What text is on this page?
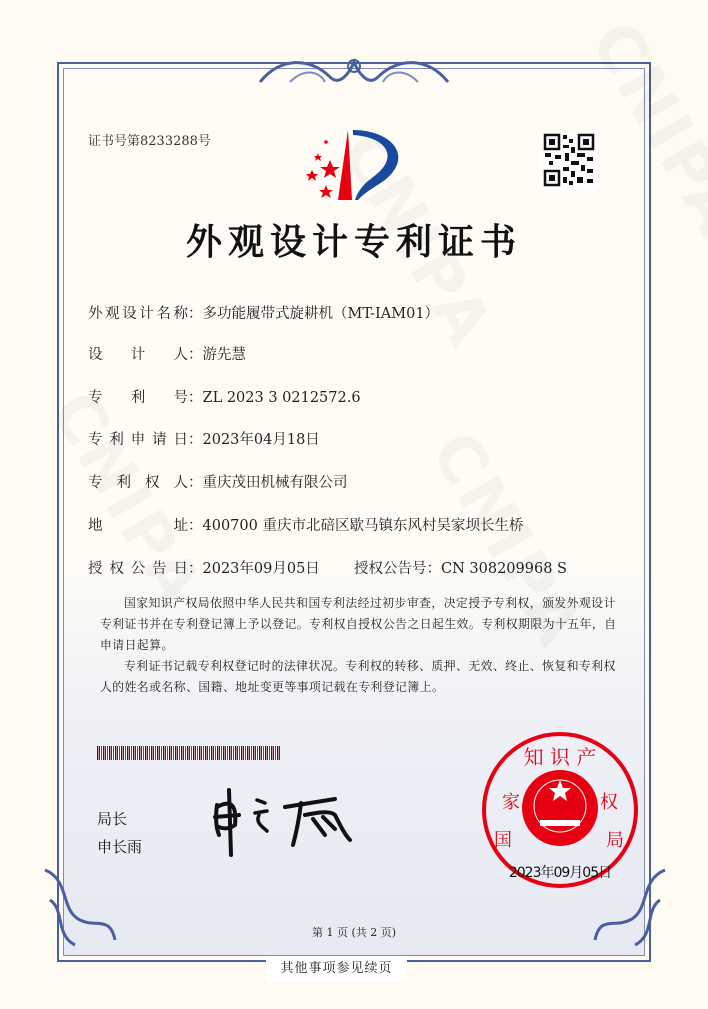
证书号第8233288号
外观设计专利证书
外观设计名称：多功能履带式旋耕机（MT-IAM01）
设计人：游先慧
专利号：ZL 2023 3 0212572.6
专利申请日：2023年04月18日
专利权人：重庆茂田机械有限公司
地址：400700 重庆市北碚区歇马镇东风村吴家坝长生桥
授权公告日：2023年09月05日 授权公告号：CN 308209968 S
国家知识产权局依照中华人民共和国专利法经过初步审查，决定授予专利权，颁发外观设计专利证书并在专利登记簿上予以登记。专利权自授权公告之日起生效。专利权期限为十五年，自申请日起算。
专利证书记载专利权登记时的法律状况。专利权的转移、质押、无效、终止、恢复和专利权人的姓名或名称、国籍、地址变更等事项记载在专利登记簿上。
局长
申长雨
知 识 产
家	权
国	局
2023年09月05日
第 1 页 (共 2 页)
其他事项参见续页
